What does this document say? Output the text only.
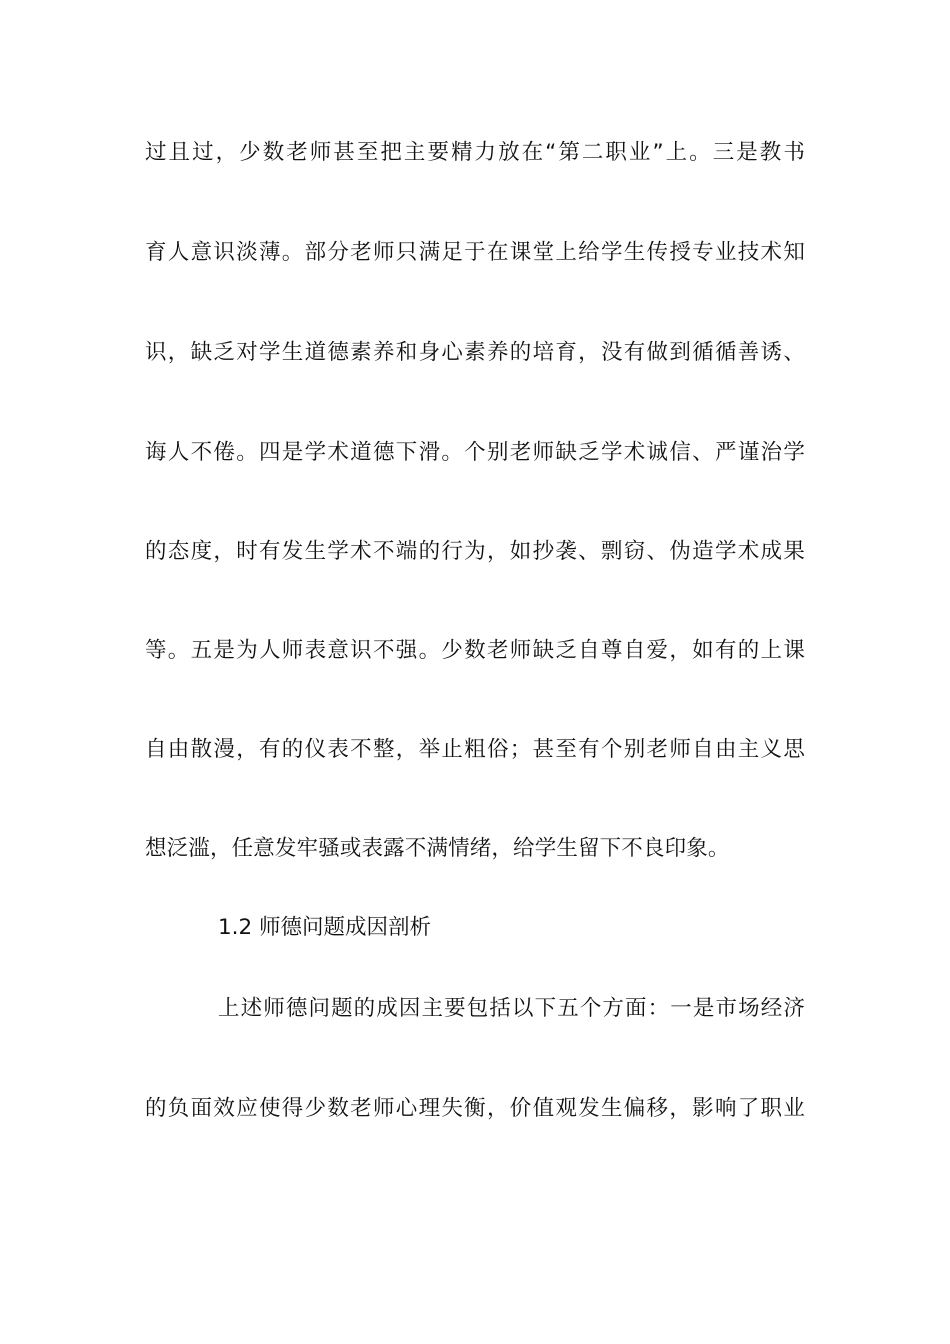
过且过，少数老师甚至把主要精力放在“第二职业”上。三是教书
育人意识淡薄。部分老师只满足于在课堂上给学生传授专业技术知
识，缺乏对学生道德素养和身心素养的培育，没有做到循循善诱、
诲人不倦。四是学术道德下滑。个别老师缺乏学术诚信、严谨治学
的态度，时有发生学术不端的行为，如抄袭、剽窃、伪造学术成果
等。五是为人师表意识不强。少数老师缺乏自尊自爱，如有的上课
自由散漫，有的仪表不整，举止粗俗；甚至有个别老师自由主义思
想泛滥，任意发牢骚或表露不满情绪，给学生留下不良印象。
1.2 师德问题成因剖析
上述师德问题的成因主要包括以下五个方面：一是市场经济
的负面效应使得少数老师心理失衡，价值观发生偏移，影响了职业
